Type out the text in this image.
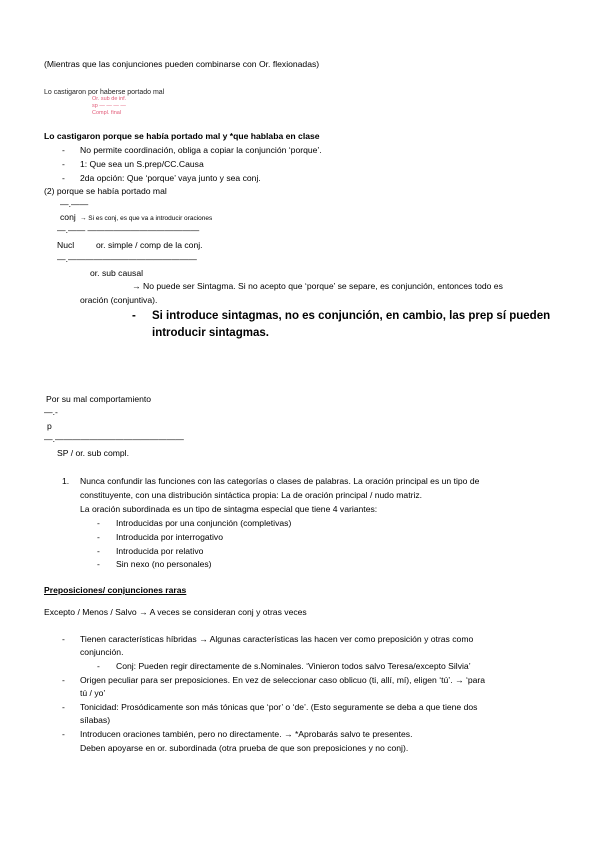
(Mientras que las conjunciones pueden combinarse con Or. flexionadas)
Lo castigaron por haberse portado mal
Or. sub de inf.
sp — — — —
Compl. final
Lo castigaron porque se había portado mal y *que hablaba en clase
- No permite coordinación, obliga a copiar la conjunción ‘porque’.
- 1: Que sea un S.prep/CC.Causa
- 2da opción: Que ‘porque’ vaya junto y sea conj.
(2) porque se había portado mal
—.——
conj → Si es conj, es que va a introducir oraciones
—.—— —————————————
Nucl	or. simple / comp de la conj.
—.———————————————
or. sub causal
→ No puede ser Sintagma. Si no acepto que ‘porque’ se separe, es conjunción, entonces todo es
oración (conjuntiva).
- Si introduce sintagmas, no es conjunción, en cambio, las prep sí pueden
introducir sintagmas.
Por su mal comportamiento
—.-
p
—.———————————————
SP / or. sub compl.
1. Nunca confundir las funciones con las categorías o clases de palabras. La oración principal es un tipo de
constituyente, con una distribución sintáctica propia: La de oración principal / nudo matriz.
La oración subordinada es un tipo de sintagma especial que tiene 4 variantes:
- Introducidas por una conjunción (completivas)
- Introducida por interrogativo
- Introducida por relativo
- Sin nexo (no personales)
Preposiciones/ conjunciones raras
Excepto / Menos / Salvo → A veces se consideran conj y otras veces
- Tienen características híbridas → Algunas características las hacen ver como preposición y otras como
conjunción.
- Conj: Pueden regir directamente de s.Nominales. ‘Vinieron todos salvo Teresa/excepto Silvia’
- Origen peculiar para ser preposiciones. En vez de seleccionar caso oblicuo (ti, allí, mí), eligen ‘tú’. → ‘para
tú / yo’
- Tonicidad: Prosódicamente son más tónicas que ‘por’ o ‘de’. (Esto seguramente se deba a que tiene dos
sílabas)
- Introducen oraciones también, pero no directamente. → *Aprobarás salvo te presentes.
Deben apoyarse en or. subordinada (otra prueba de que son preposiciones y no conj).
